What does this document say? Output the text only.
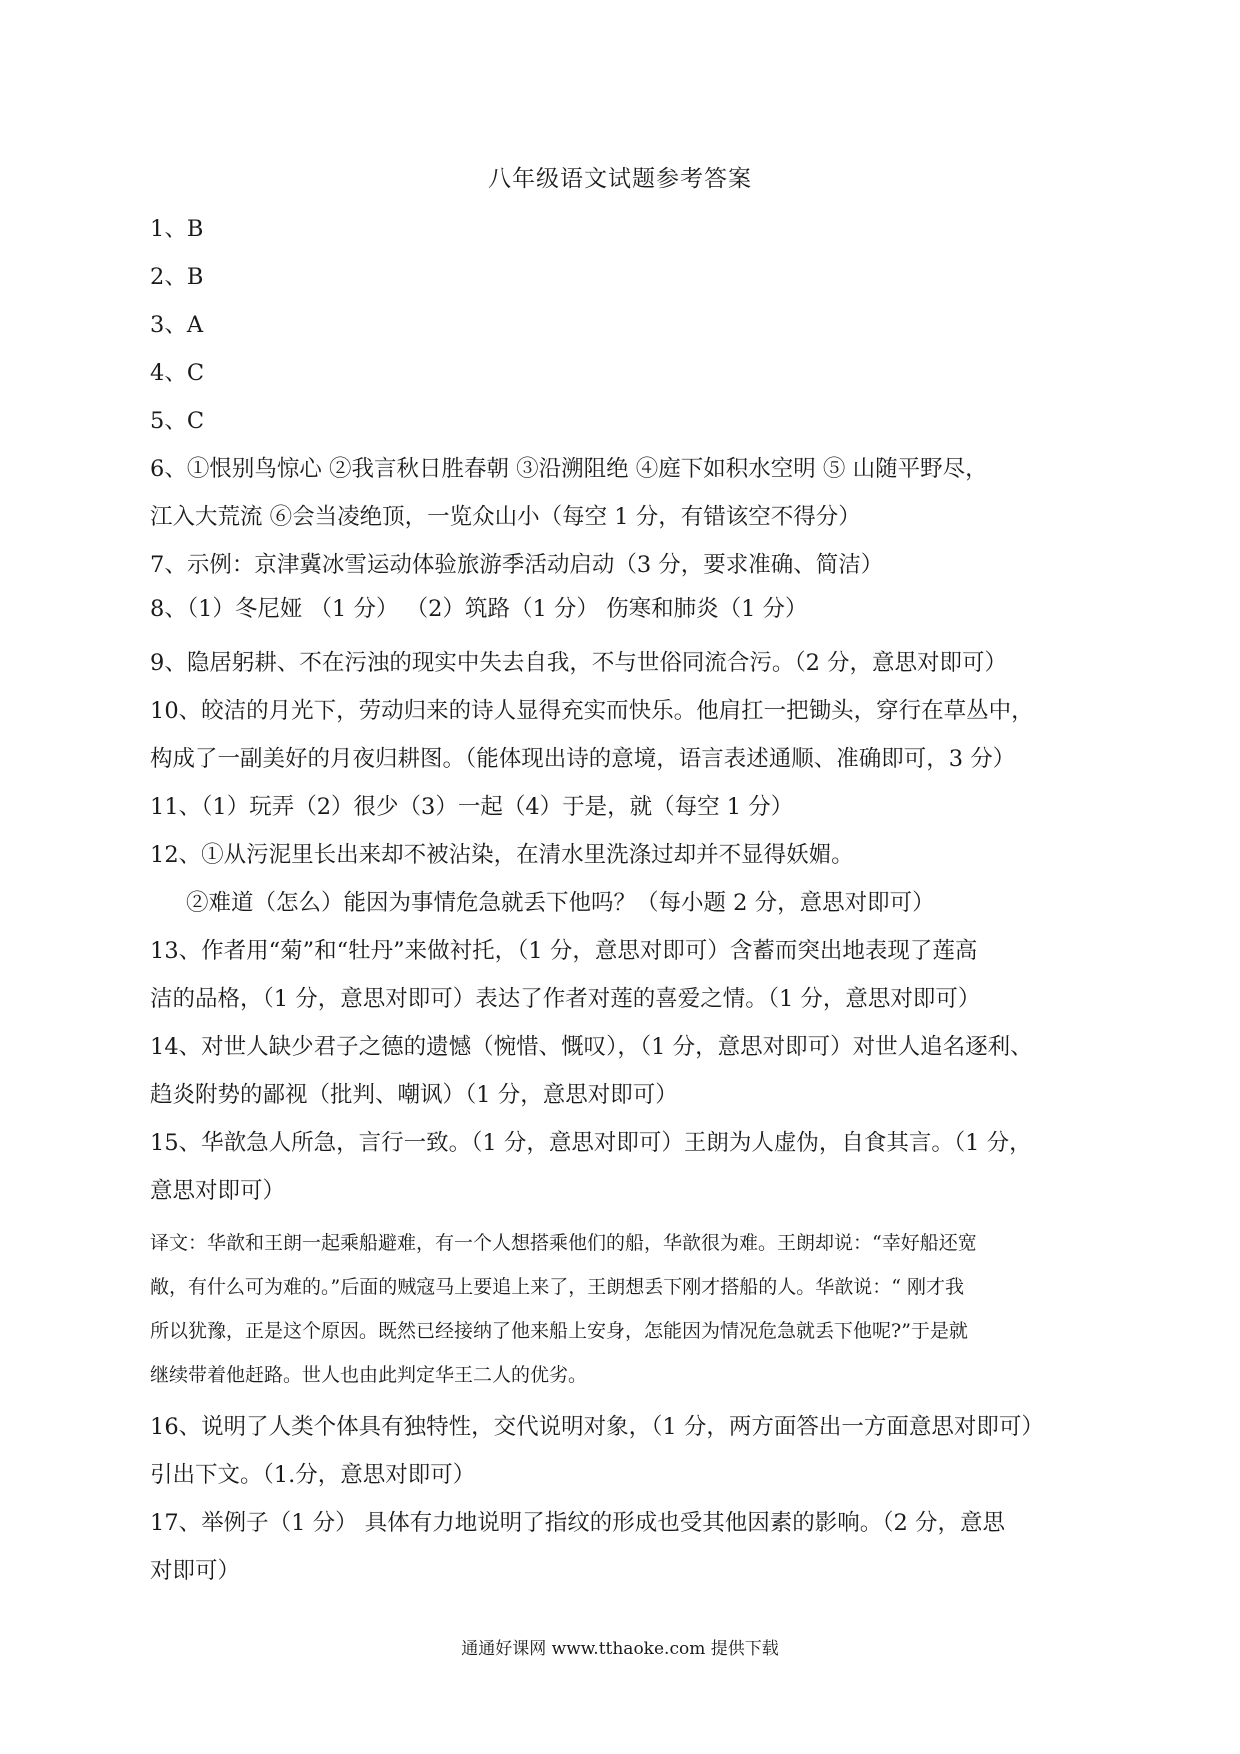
八年级语文试题参考答案
1、B
2、B
3、A
4、C
5、C
6、①恨别鸟惊心 ②我言秋日胜春朝 ③沿溯阻绝 ④庭下如积水空明 ⑤ 山随平野尽，
江入大荒流 ⑥会当凌绝顶，一览众山小（每空 1 分，有错该空不得分）
7、示例：京津冀冰雪运动体验旅游季活动启动（3 分，要求准确、简洁）
8、（1）冬尼娅 （1 分） （2）筑路（1 分） 伤寒和肺炎（1 分）
9、隐居躬耕、不在污浊的现实中失去自我，不与世俗同流合污。（2 分，意思对即可）
10、皎洁的月光下，劳动归来的诗人显得充实而快乐。他肩扛一把锄头，穿行在草丛中，
构成了一副美好的月夜归耕图。（能体现出诗的意境，语言表述通顺、准确即可，3 分）
11、（1）玩弄（2）很少（3）一起（4）于是，就（每空 1 分）
12、①从污泥里长出来却不被沾染，在清水里洗涤过却并不显得妖媚。
②难道（怎么）能因为事情危急就丢下他吗？（每小题 2 分，意思对即可）
13、作者用“菊”和“牡丹”来做衬托，（1 分，意思对即可）含蓄而突出地表现了莲高
洁的品格，（1 分，意思对即可）表达了作者对莲的喜爱之情。（1 分，意思对即可）
14、对世人缺少君子之德的遗憾（惋惜、慨叹），（1 分，意思对即可）对世人追名逐利、
趋炎附势的鄙视（批判、嘲讽）（1 分，意思对即可）
15、华歆急人所急，言行一致。（1 分，意思对即可）王朗为人虚伪，自食其言。（1 分，
意思对即可）
译文：华歆和王朗一起乘船避难，有一个人想搭乘他们的船，华歆很为难。王朗却说：“幸好船还宽
敞，有什么可为难的。”后面的贼寇马上要追上来了，王朗想丢下刚才搭船的人。华歆说：“ 刚才我
所以犹豫，正是这个原因。既然已经接纳了他来船上安身，怎能因为情况危急就丢下他呢?”于是就
继续带着他赶路。世人也由此判定华王二人的优劣。
16、说明了人类个体具有独特性，交代说明对象，（1 分，两方面答出一方面意思对即可）
引出下文。（1.分，意思对即可）
17、举例子（1 分） 具体有力地说明了指纹的形成也受其他因素的影响。（2 分，意思
对即可）
通通好课网 www.tthaoke.com 提供下载
